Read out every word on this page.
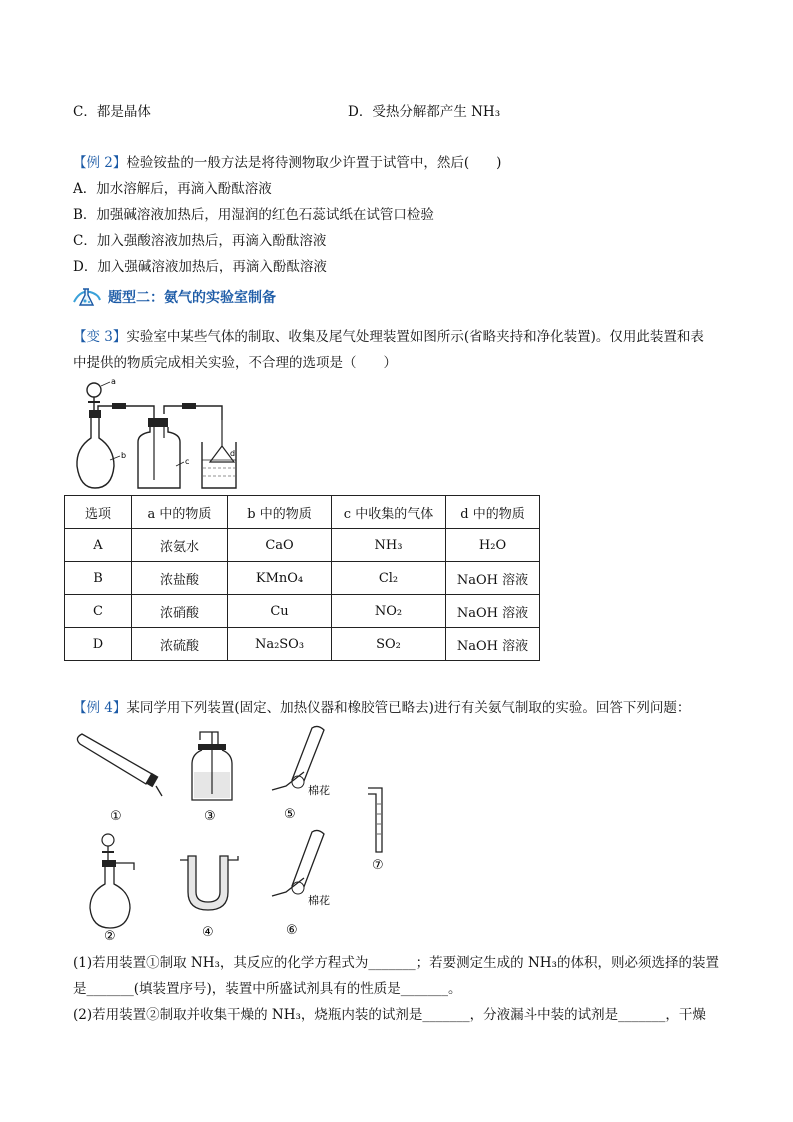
C．都是晶体	D．受热分解都产生 NH₃
【例 2】检验铵盐的一般方法是将待测物取少许置于试管中，然后(　　)
A．加水溶解后，再滴入酚酞溶液
B．加强碱溶液加热后，用湿润的红色石蕊试纸在试管口检验
C．加入强酸溶液加热后，再滴入酚酞溶液
D．加入强碱溶液加热后，再滴入酚酞溶液
题型二：氨气的实验室制备
【变 3】实验室中某些气体的制取、收集及尾气处理装置如图所示(省略夹持和净化装置)。仅用此装置和表
中提供的物质完成相关实验，不合理的选项是（　　）
a
b
c
d
选项	a 中的物质	b 中的物质	c 中收集的气体	d 中的物质
A	浓氨水	CaO	NH₃	H₂O
B	浓盐酸	KMnO₄	Cl₂	NaOH 溶液
C	浓硝酸	Cu	NO₂	NaOH 溶液
D	浓硫酸	Na₂SO₃	SO₂	NaOH 溶液
【例 4】某同学用下列装置(固定、加热仪器和橡胶管已略去)进行有关氨气制取的实验。回答下列问题：
①	③
棉花
⑤
⑦
②	④
棉花
⑥
(1)若用装置①制取 NH₃，其反应的化学方程式为_______；若要测定生成的 NH₃的体积，则必须选择的装置
是_______(填装置序号)，装置中所盛试剂具有的性质是_______。
(2)若用装置②制取并收集干燥的 NH₃，烧瓶内装的试剂是_______，分液漏斗中装的试剂是_______，干燥
